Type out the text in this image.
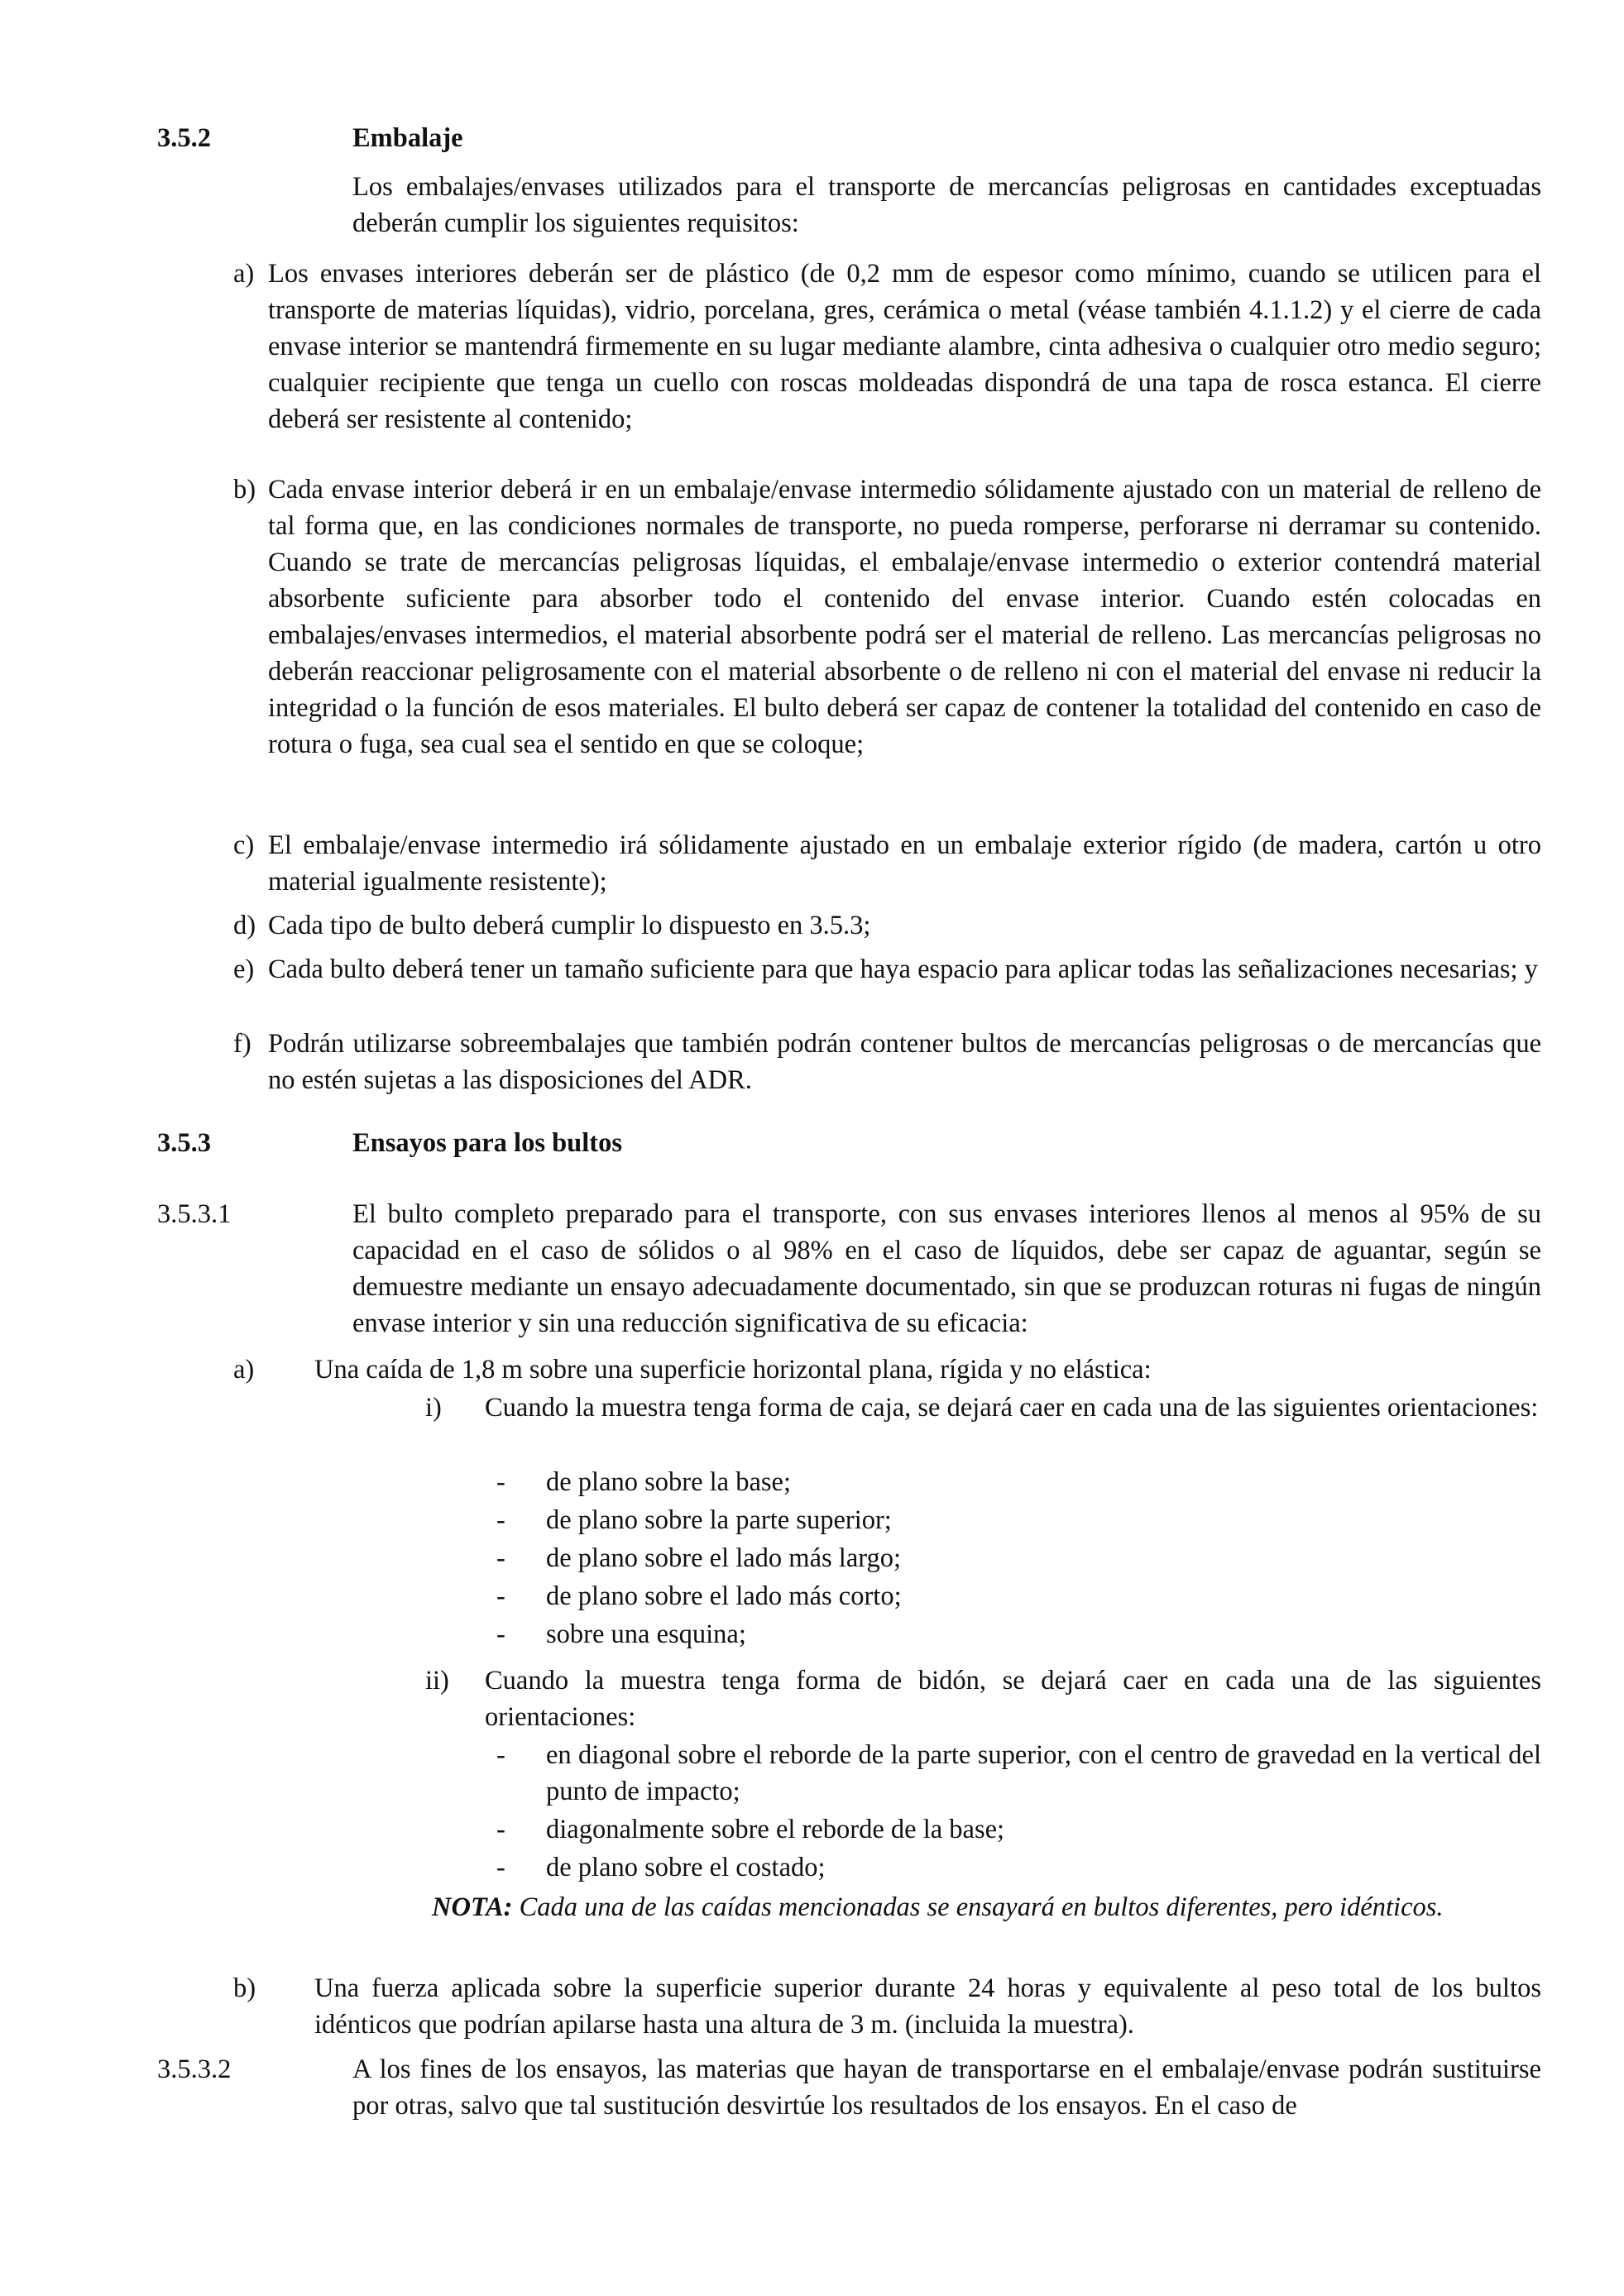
3.5.2	Embalaje
Los embalajes/envases utilizados para el transporte de mercancías peligrosas en cantidades exceptuadas deberán cumplir los siguientes requisitos:
a) Los envases interiores deberán ser de plástico (de 0,2 mm de espesor como mínimo, cuando se utilicen para el transporte de materias líquidas), vidrio, porcelana, gres, cerámica o metal (véase también 4.1.1.2) y el cierre de cada envase interior se mantendrá firmemente en su lugar mediante alambre, cinta adhesiva o cualquier otro medio seguro; cualquier recipiente que tenga un cuello con roscas moldeadas dispondrá de una tapa de rosca estanca. El cierre deberá ser resistente al contenido;
b) Cada envase interior deberá ir en un embalaje/envase intermedio sólidamente ajustado con un material de relleno de tal forma que, en las condiciones normales de transporte, no pueda romperse, perforarse ni derramar su contenido. Cuando se trate de mercancías peligrosas líquidas, el embalaje/envase intermedio o exterior contendrá material absorbente suficiente para absorber todo el contenido del envase interior. Cuando estén colocadas en embalajes/envases intermedios, el material absorbente podrá ser el material de relleno. Las mercancías peligrosas no deberán reaccionar peligrosamente con el material absorbente o de relleno ni con el material del envase ni reducir la integridad o la función de esos materiales. El bulto deberá ser capaz de contener la totalidad del contenido en caso de rotura o fuga, sea cual sea el sentido en que se coloque;
c) El embalaje/envase intermedio irá sólidamente ajustado en un embalaje exterior rígido (de madera, cartón u otro material igualmente resistente);
d) Cada tipo de bulto deberá cumplir lo dispuesto en 3.5.3;
e) Cada bulto deberá tener un tamaño suficiente para que haya espacio para aplicar todas las señalizaciones necesarias; y
f) Podrán utilizarse sobreembalajes que también podrán contener bultos de mercancías peligrosas o de mercancías que no estén sujetas a las disposiciones del ADR.
3.5.3	Ensayos para los bultos
3.5.3.1	El bulto completo preparado para el transporte, con sus envases interiores llenos al menos al 95% de su capacidad en el caso de sólidos o al 98% en el caso de líquidos, debe ser capaz de aguantar, según se demuestre mediante un ensayo adecuadamente documentado, sin que se produzcan roturas ni fugas de ningún envase interior y sin una reducción significativa de su eficacia:
a)	Una caída de 1,8 m sobre una superficie horizontal plana, rígida y no elástica:
i) Cuando la muestra tenga forma de caja, se dejará caer en cada una de las siguientes orientaciones:
- de plano sobre la base;
- de plano sobre la parte superior;
- de plano sobre el lado más largo;
- de plano sobre el lado más corto;
- sobre una esquina;
ii) Cuando la muestra tenga forma de bidón, se dejará caer en cada una de las siguientes orientaciones:
- en diagonal sobre el reborde de la parte superior, con el centro de gravedad en la vertical del punto de impacto;
- diagonalmente sobre el reborde de la base;
- de plano sobre el costado;
NOTA: Cada una de las caídas mencionadas se ensayará en bultos diferentes, pero idénticos.
b)	Una fuerza aplicada sobre la superficie superior durante 24 horas y equivalente al peso total de los bultos idénticos que podrían apilarse hasta una altura de 3 m. (incluida la muestra).
3.5.3.2	A los fines de los ensayos, las materias que hayan de transportarse en el embalaje/envase podrán sustituirse por otras, salvo que tal sustitución desvirtúe los resultados de los ensayos. En el caso de
